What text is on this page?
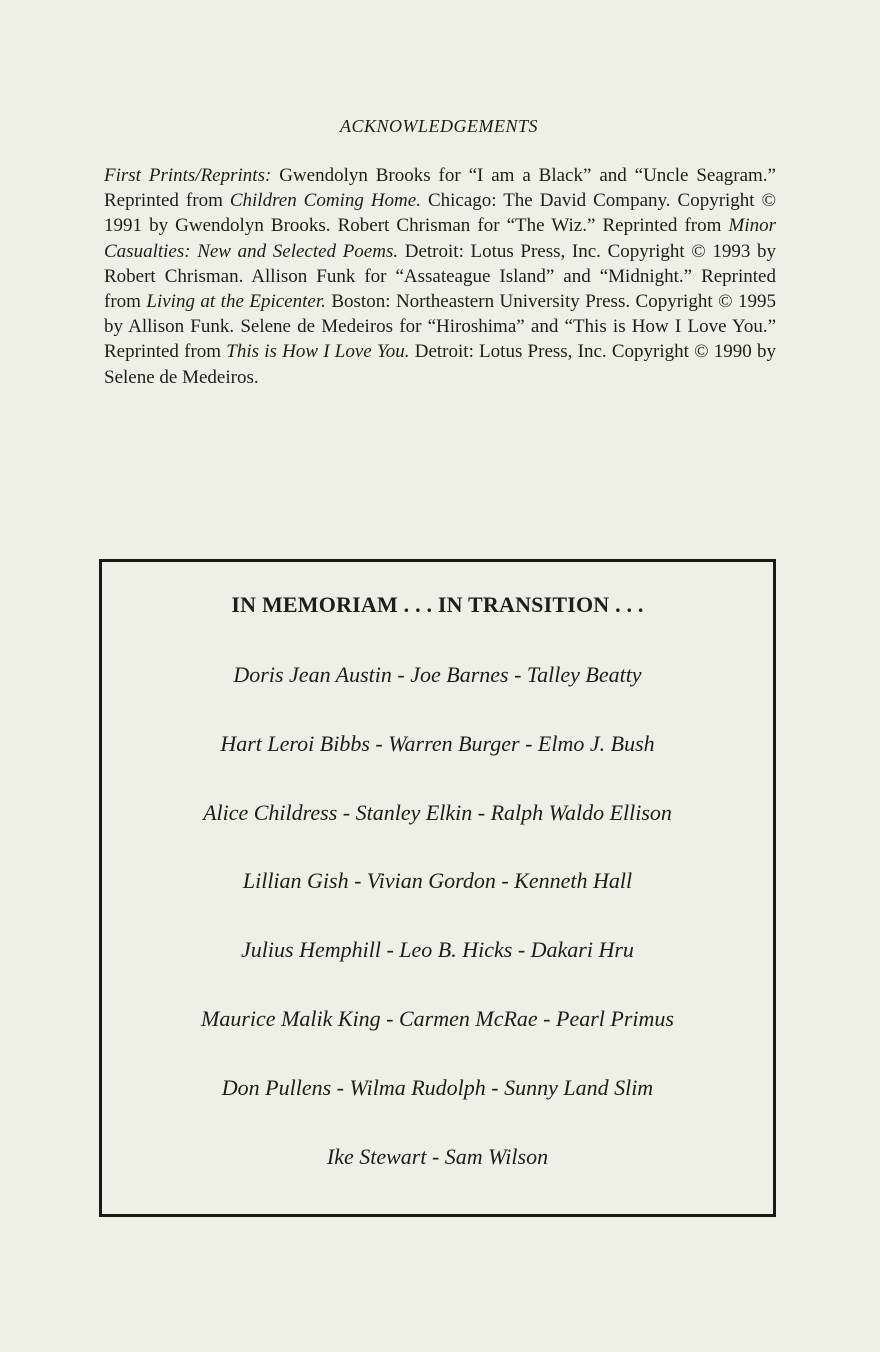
ACKNOWLEDGEMENTS
First Prints/Reprints: Gwendolyn Brooks for “I am a Black” and “Uncle Seagram.” Reprinted from Children Coming Home. Chicago: The David Company. Copyright © 1991 by Gwendolyn Brooks. Robert Chrisman for “The Wiz.” Reprinted from Minor Casualties: New and Selected Poems. Detroit: Lotus Press, Inc. Copyright © 1993 by Robert Chrisman. Allison Funk for “Assateague Island” and “Midnight.” Reprinted from Living at the Epicenter. Boston: Northeastern University Press. Copyright © 1995 by Allison Funk. Selene de Medeiros for “Hiroshima” and “This is How I Love You.” Reprinted from This is How I Love You. Detroit: Lotus Press, Inc. Copyright © 1990 by Selene de Medeiros.
IN MEMORIAM . . . IN TRANSITION . . .
Doris Jean Austin - Joe Barnes - Talley Beatty
Hart Leroi Bibbs - Warren Burger - Elmo J. Bush
Alice Childress - Stanley Elkin - Ralph Waldo Ellison
Lillian Gish - Vivian Gordon - Kenneth Hall
Julius Hemphill - Leo B. Hicks - Dakari Hru
Maurice Malik King - Carmen McRae - Pearl Primus
Don Pullens - Wilma Rudolph - Sunny Land Slim
Ike Stewart - Sam Wilson
